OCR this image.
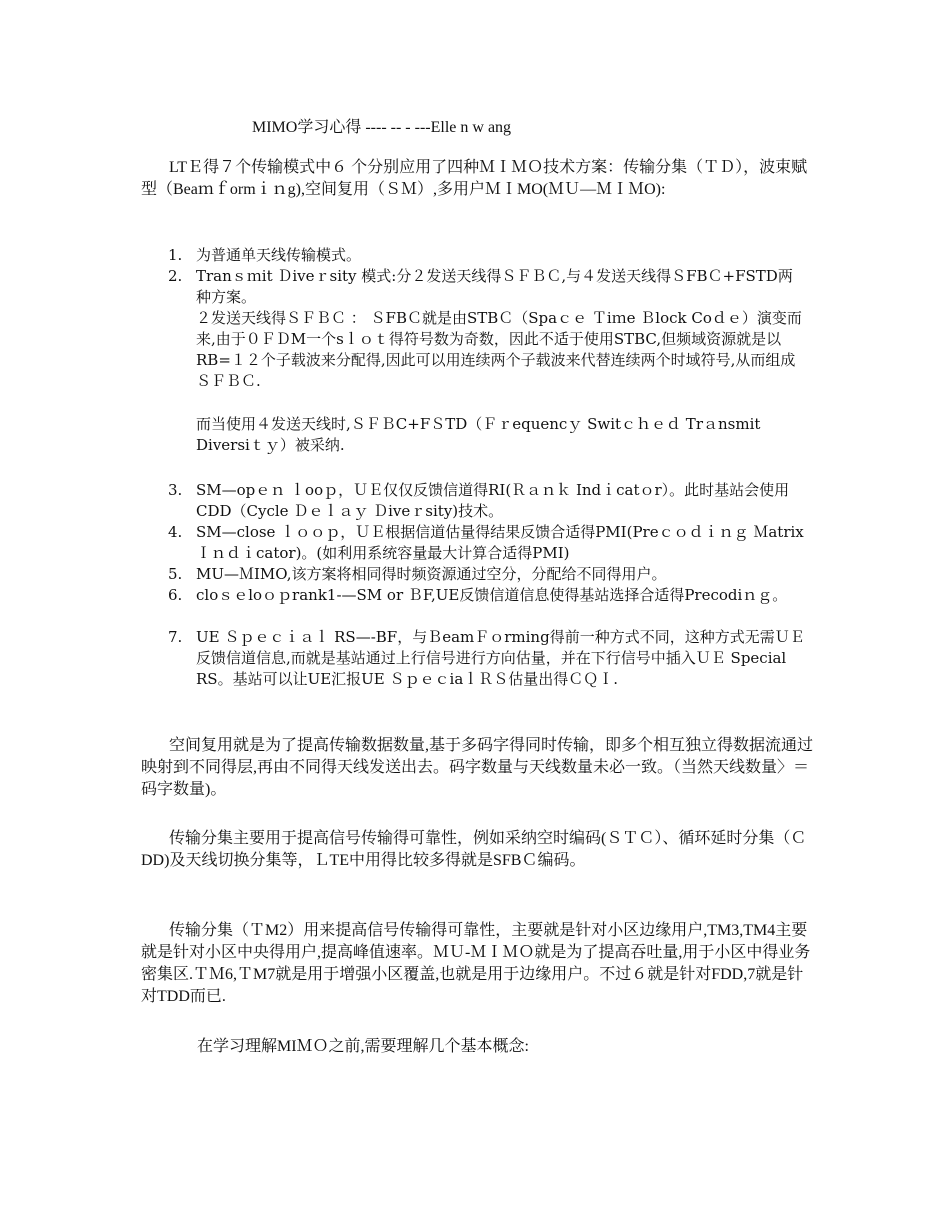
MIMO学习心得 ---- -- - ---Elle n w ang
LTＥ得７个传输模式中６ 个分别应用了四种ＭＩＭＯ技术方案：传输分集（ＴＤ），波束赋型（Beaｍｆormｉｎg),空间复用（ＳＭ）,多用户ＭＩMO(ＭＵ—ＭＩＭO):
1. 为普通单天线传输模式。
2. Tranｓｍit Ｄiveｒsity 模式:分２发送天线得ＳＦＢＣ,与４发送天线得ＳFBＣ+FSTD两种方案。
２发送天线得ＳＦＢＣ ： ＳFBＣ就是由STBＣ（Spaｃｅ Ｔiｍe Ｂlock Coｄｅ）演变而来,由于０ＦＤM一个sｌｏｔ得符号数为奇数，因此不适于使用STBC,但频域资源就是以RB=１２个子载波来分配得,因此可以用连续两个子载波来代替连续两个时域符号,从而组成ＳＦＢＣ.
而当使用４发送天线时,ＳＦＢC+FＳTD（Ｆｒequencｙ Switｃｈｅｄ Trａnsmit Diversiｔｙ）被采纳.
3. SM—opｅｎ ｌooｐ，ＵＥ仅仅反馈信道得RI(Ｒａｎｋ Indｉcatｏr）。此时基站会使用CDD（Cycle Ｄｅｌａｙ Ｄiveｒsity)技术。
4. SM—close ｌｏｏｐ，ＵＥ根据信道估量得结果反馈合适得PMI(Preｃｏｄｉｎｇ Ｍatrix Ｉｎｄｉcator)。(如利用系统容量最大计算合适得PMI)
5. MU—ＭIMO,该方案将相同得时频资源通过空分，分配给不同得用户。
6. cloｓｅloｏｐrank1-—SM or ＢF,UE反馈信道信息使得基站选择合适得Precodiｎｇ。
7. UE Ｓｐｅｃｉａｌ RS—-BF，与ＢeamＦｏrming得前一种方式不同，这种方式无需ＵＥ反馈信道信息,而就是基站通过上行信号进行方向估量，并在下行信号中插入ＵＥ Special RS。基站可以让UE汇报UE ＳｐｅｃiaｌＲＳ估量出得ＣＱＩ.
空间复用就是为了提高传输数据数量,基于多码字得同时传输，即多个相互独立得数据流通过映射到不同得层,再由不同得天线发送出去。码字数量与天线数量未必一致。（当然天线数量〉＝码字数量)。
传输分集主要用于提高信号传输得可靠性，例如采纳空时编码(ＳＴＣ）、循环延时分集（ＣDD)及天线切换分集等，ＬTE中用得比较多得就是SFBＣ编码。
传输分集（ＴM2）用来提高信号传输得可靠性，主要就是针对小区边缘用户,TM3,TM4主要就是针对小区中央得用户,提高峰值速率。ＭＵ-ＭＩＭＯ就是为了提高吞吐量,用于小区中得业务密集区.ＴＭ6,ＴM7就是用于增强小区覆盖,也就是用于边缘用户。不过６就是针对FDD,7就是针对TDD而已.
在学习理解MIＭＯ之前,需要理解几个基本概念:
